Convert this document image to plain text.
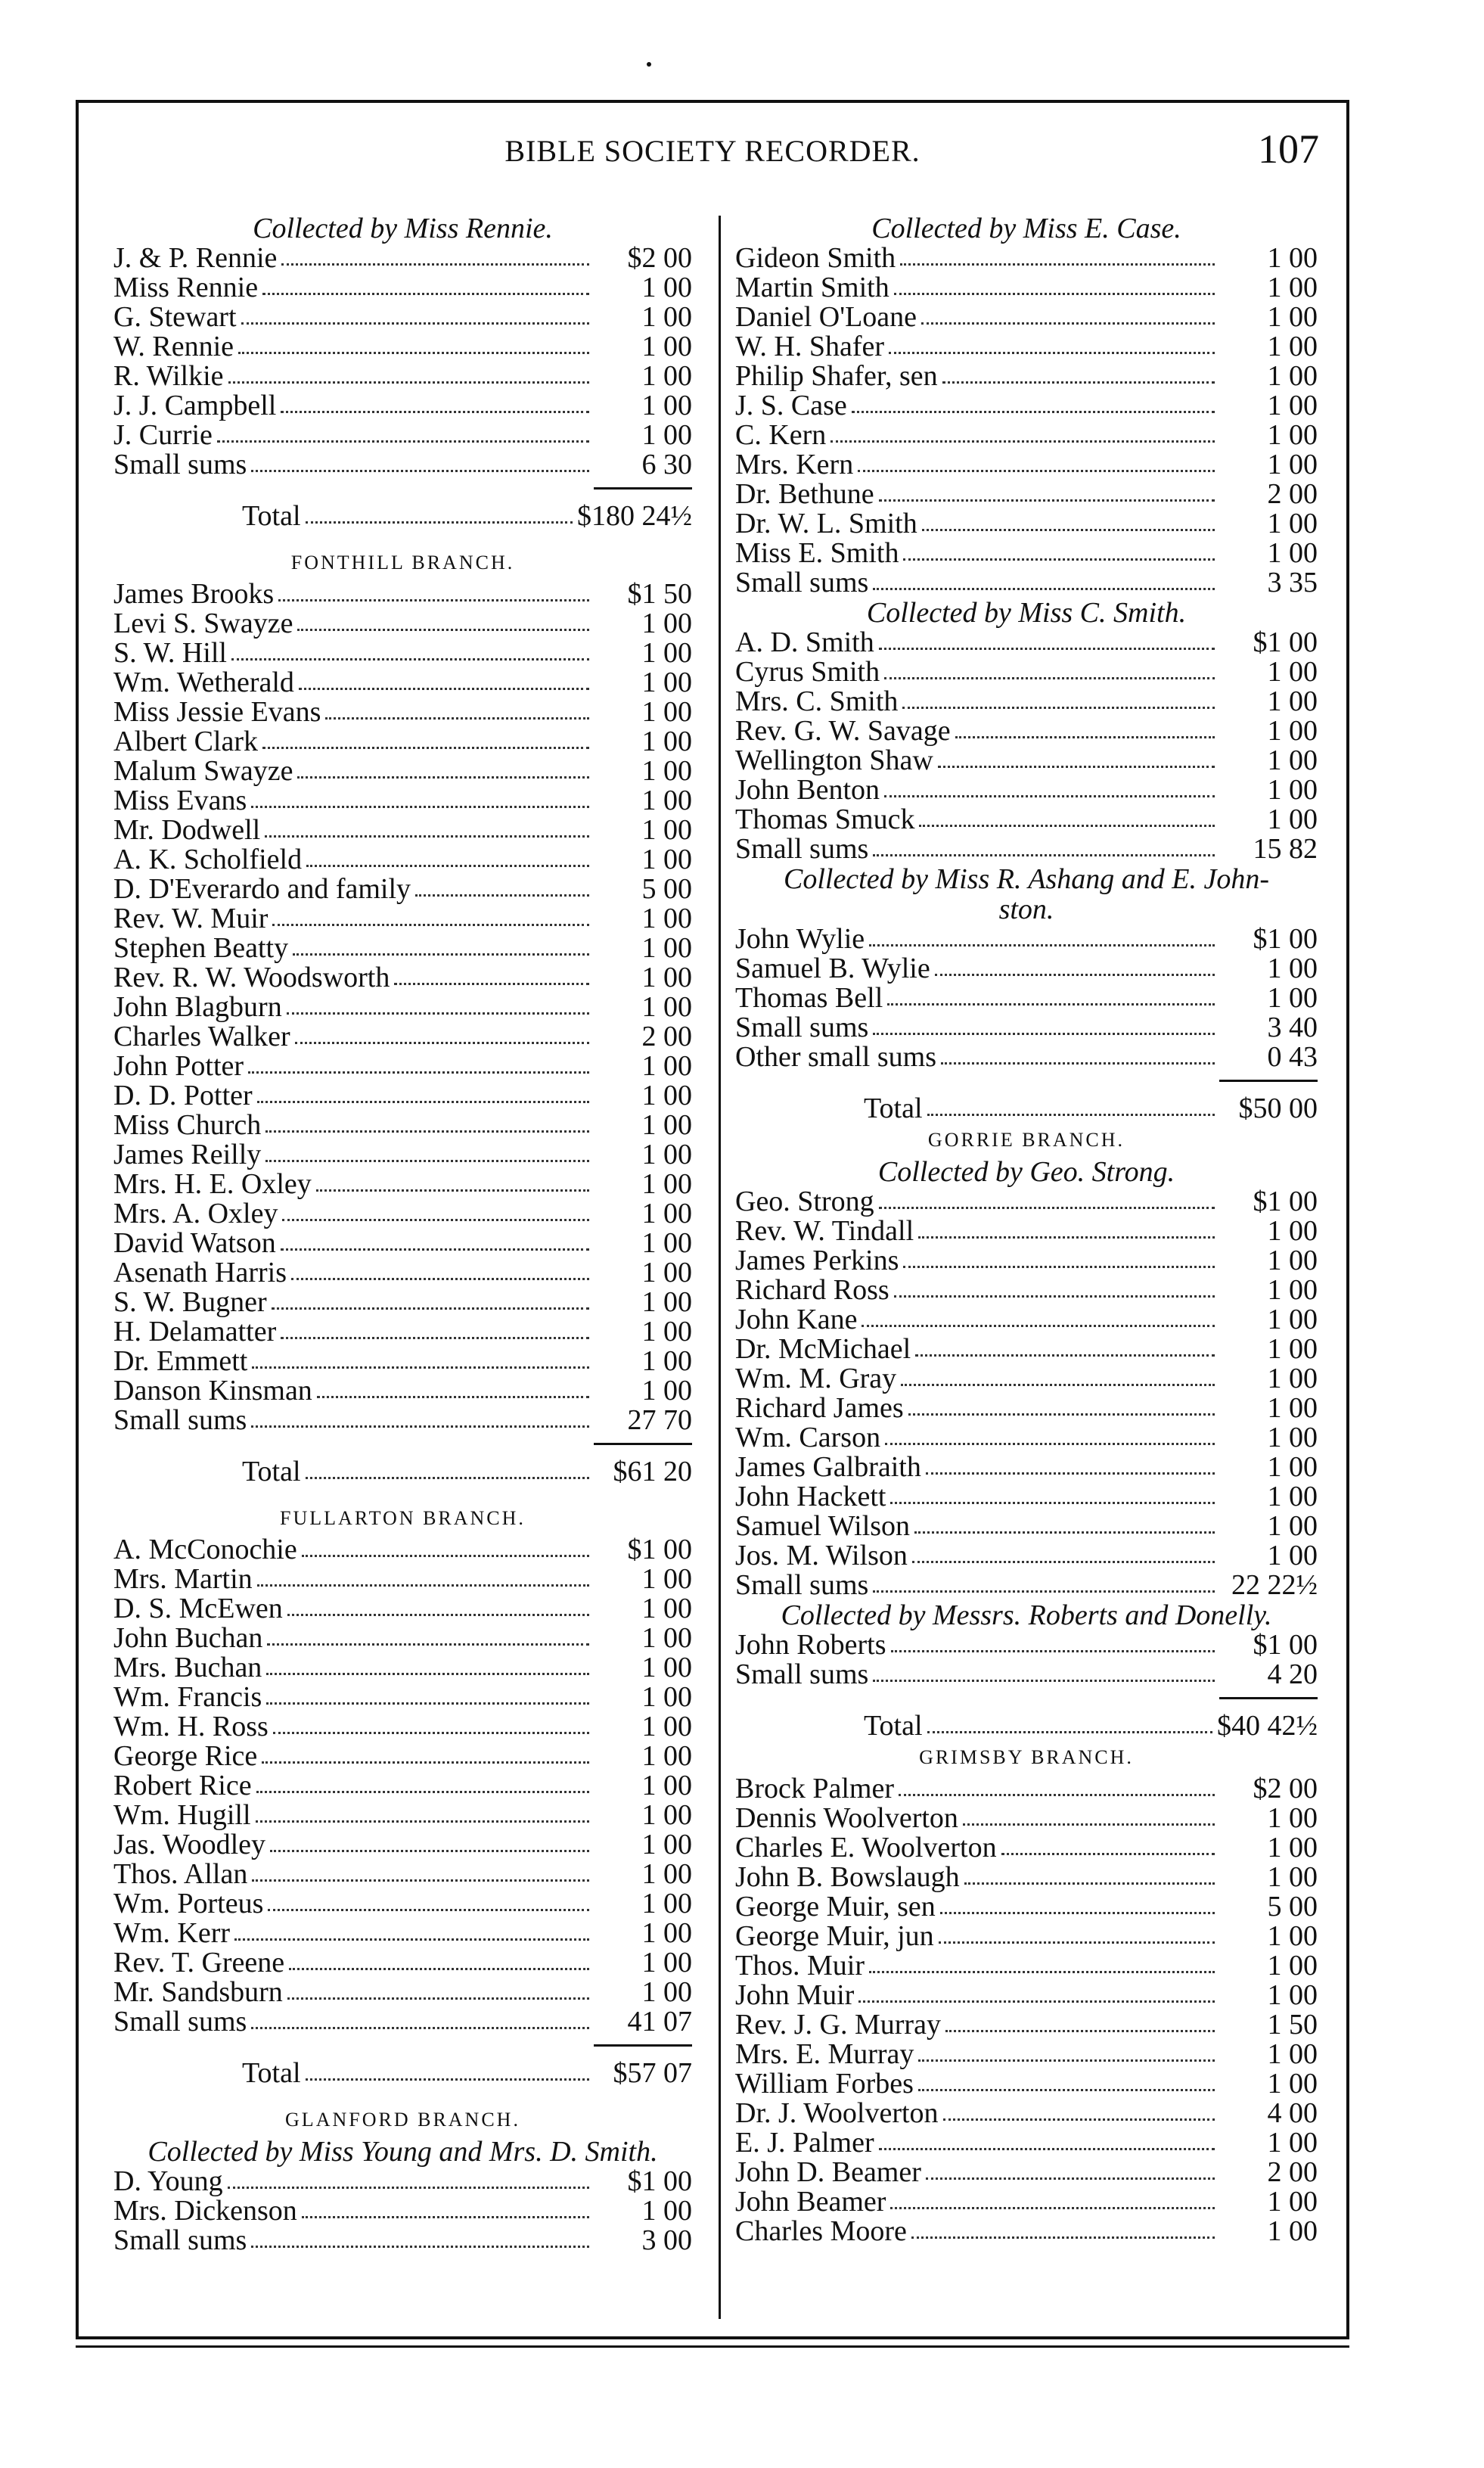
BIBLE SOCIETY RECORDER.	107
Collected by Miss Rennie.
J. & P. Rennie	$2 00
Miss Rennie	1 00
G. Stewart	1 00
W. Rennie	1 00
R. Wilkie	1 00
J. J. Campbell	1 00
J. Currie	1 00
Small sums	6 30
Total	$180 24½
FONTHILL BRANCH.
James Brooks	$1 50
Levi S. Swayze	1 00
S. W. Hill	1 00
Wm. Wetherald	1 00
Miss Jessie Evans	1 00
Albert Clark	1 00
Malum Swayze	1 00
Miss Evans	1 00
Mr. Dodwell	1 00
A. K. Scholfield	1 00
D. D'Everardo and family	5 00
Rev. W. Muir	1 00
Stephen Beatty	1 00
Rev. R. W. Woodsworth	1 00
John Blagburn	1 00
Charles Walker	2 00
John Potter	1 00
D. D. Potter	1 00
Miss Church	1 00
James Reilly	1 00
Mrs. H. E. Oxley	1 00
Mrs. A. Oxley	1 00
David Watson	1 00
Asenath Harris	1 00
S. W. Bugner	1 00
H. Delamatter	1 00
Dr. Emmett	1 00
Danson Kinsman	1 00
Small sums	27 70
Total	$61 20
FULLARTON BRANCH.
A. McConochie	$1 00
Mrs. Martin	1 00
D. S. McEwen	1 00
John Buchan	1 00
Mrs. Buchan	1 00
Wm. Francis	1 00
Wm. H. Ross	1 00
George Rice	1 00
Robert Rice	1 00
Wm. Hugill	1 00
Jas. Woodley	1 00
Thos. Allan	1 00
Wm. Porteus	1 00
Wm. Kerr	1 00
Rev. T. Greene	1 00
Mr. Sandsburn	1 00
Small sums	41 07
Total	$57 07
GLANFORD BRANCH.
Collected by Miss Young and Mrs. D. Smith.
D. Young	$1 00
Mrs. Dickenson	1 00
Small sums	3 00
Collected by Miss E. Case.
Gideon Smith	1 00
Martin Smith	1 00
Daniel O'Loane	1 00
W. H. Shafer	1 00
Philip Shafer, sen	1 00
J. S. Case	1 00
C. Kern	1 00
Mrs. Kern	1 00
Dr. Bethune	2 00
Dr. W. L. Smith	1 00
Miss E. Smith	1 00
Small sums	3 35
Collected by Miss C. Smith.
A. D. Smith	$1 00
Cyrus Smith	1 00
Mrs. C. Smith	1 00
Rev. G. W. Savage	1 00
Wellington Shaw	1 00
John Benton	1 00
Thomas Smuck	1 00
Small sums	15 82
Collected by Miss R. Ashang and E. John-
ston.
John Wylie	$1 00
Samuel B. Wylie	1 00
Thomas Bell	1 00
Small sums	3 40
Other small sums	0 43
Total	$50 00
GORRIE BRANCH.
Collected by Geo. Strong.
Geo. Strong	$1 00
Rev. W. Tindall	1 00
James Perkins	1 00
Richard Ross	1 00
John Kane	1 00
Dr. McMichael	1 00
Wm. M. Gray	1 00
Richard James	1 00
Wm. Carson	1 00
James Galbraith	1 00
John Hackett	1 00
Samuel Wilson	1 00
Jos. M. Wilson	1 00
Small sums	22 22½
Collected by Messrs. Roberts and Donelly.
John Roberts	$1 00
Small sums	4 20
Total	$40 42½
GRIMSBY BRANCH.
Brock Palmer	$2 00
Dennis Woolverton	1 00
Charles E. Woolverton	1 00
John B. Bowslaugh	1 00
George Muir, sen	5 00
George Muir, jun	1 00
Thos. Muir	1 00
John Muir	1 00
Rev. J. G. Murray	1 50
Mrs. E. Murray	1 00
William Forbes	1 00
Dr. J. Woolverton	4 00
E. J. Palmer	1 00
John D. Beamer	2 00
John Beamer	1 00
Charles Moore	1 00
